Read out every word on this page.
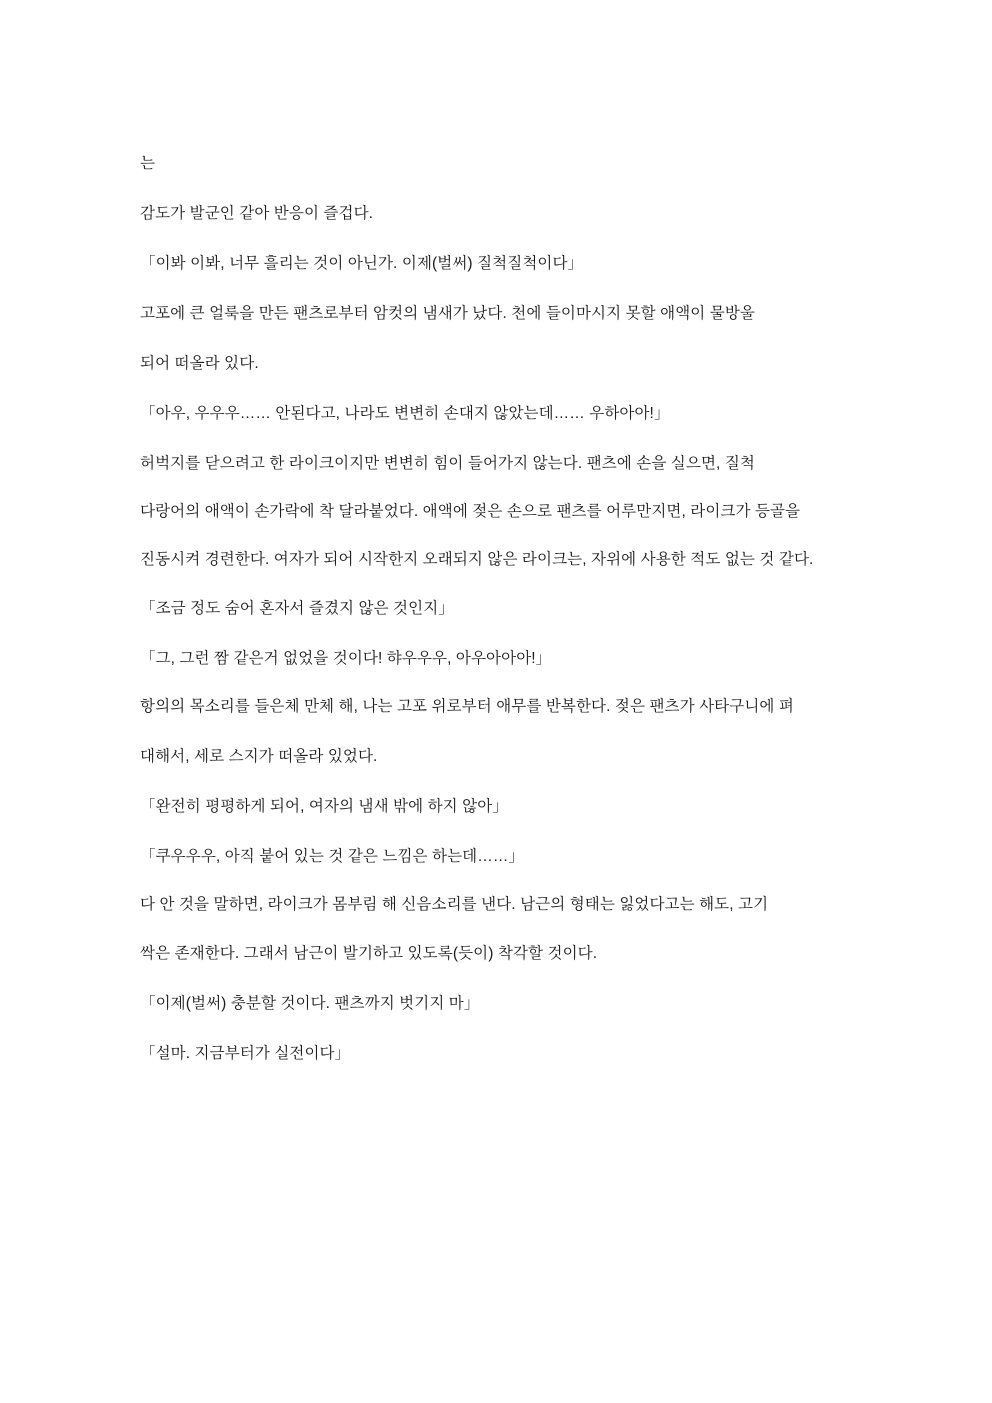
는

감도가 발군인 같아 반응이 즐겁다.

「이봐 이봐, 너무 흘리는 것이 아닌가. 이제(벌써) 질척질척이다」

고포에 큰 얼룩을 만든 팬츠로부터 암컷의 냄새가 났다. 천에 들이마시지 못할 애액이 물방울

되어 떠올라 있다.

「아우, 우우우…… 안된다고, 나라도 변변히 손대지 않았는데…… 우하아아!」

허벅지를 닫으려고 한 라이크이지만 변변히 힘이 들어가지 않는다. 팬츠에 손을 실으면, 질척

다랑어의 애액이 손가락에 착 달라붙었다. 애액에 젖은 손으로 팬츠를 어루만지면, 라이크가 등골을

진동시켜 경련한다. 여자가 되어 시작한지 오래되지 않은 라이크는, 자위에 사용한 적도 없는 것 같다.

「조금 정도 숨어 혼자서 즐겼지 않은 것인지」

「그, 그런 짬 같은거 없었을 것이다! 햐우우우, 아우아아아!」

항의의 목소리를 들은체 만체 해, 나는 고포 위로부터 애무를 반복한다. 젖은 팬츠가 사타구니에 펴

대해서, 세로 스지가 떠올라 있었다.

「완전히 평평하게 되어, 여자의 냄새 밖에 하지 않아」

「쿠우우우, 아직 붙어 있는 것 같은 느낌은 하는데……」

다 안 것을 말하면, 라이크가 몸부림 해 신음소리를 낸다. 남근의 형태는 잃었다고는 해도, 고기

싹은 존재한다. 그래서 남근이 발기하고 있도록(듯이) 착각할 것이다.

「이제(벌써) 충분할 것이다. 팬츠까지 벗기지 마」

「설마. 지금부터가 실전이다」
